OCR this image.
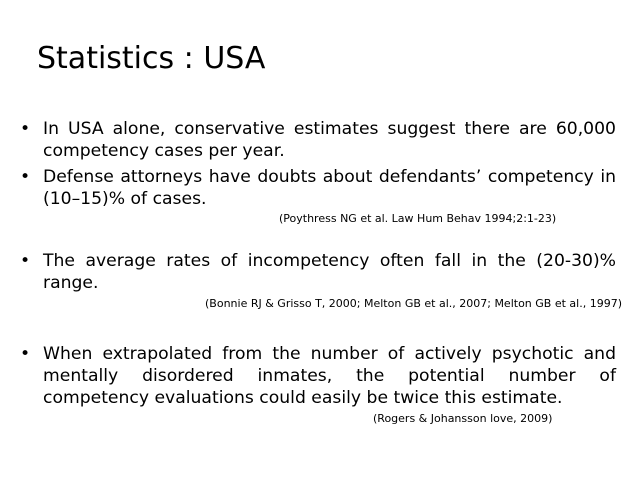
Statistics : USA
• In USA alone, conservative estimates suggest there are 60,000 competency cases per year.
• Defense attorneys have doubts about defendants’ competency in (10–15)% of cases.
(Poythress NG et al. Law Hum Behav 1994;2:1-23)
• The average rates of incompetency often fall in the (20-30)% range.
(Bonnie RJ & Grisso T, 2000; Melton GB et al., 2007; Melton GB et al., 1997)
• When extrapolated from the number of actively psychotic and mentally disordered inmates, the potential number of competency evaluations could easily be twice this estimate.
(Rogers & Johansson love, 2009)
